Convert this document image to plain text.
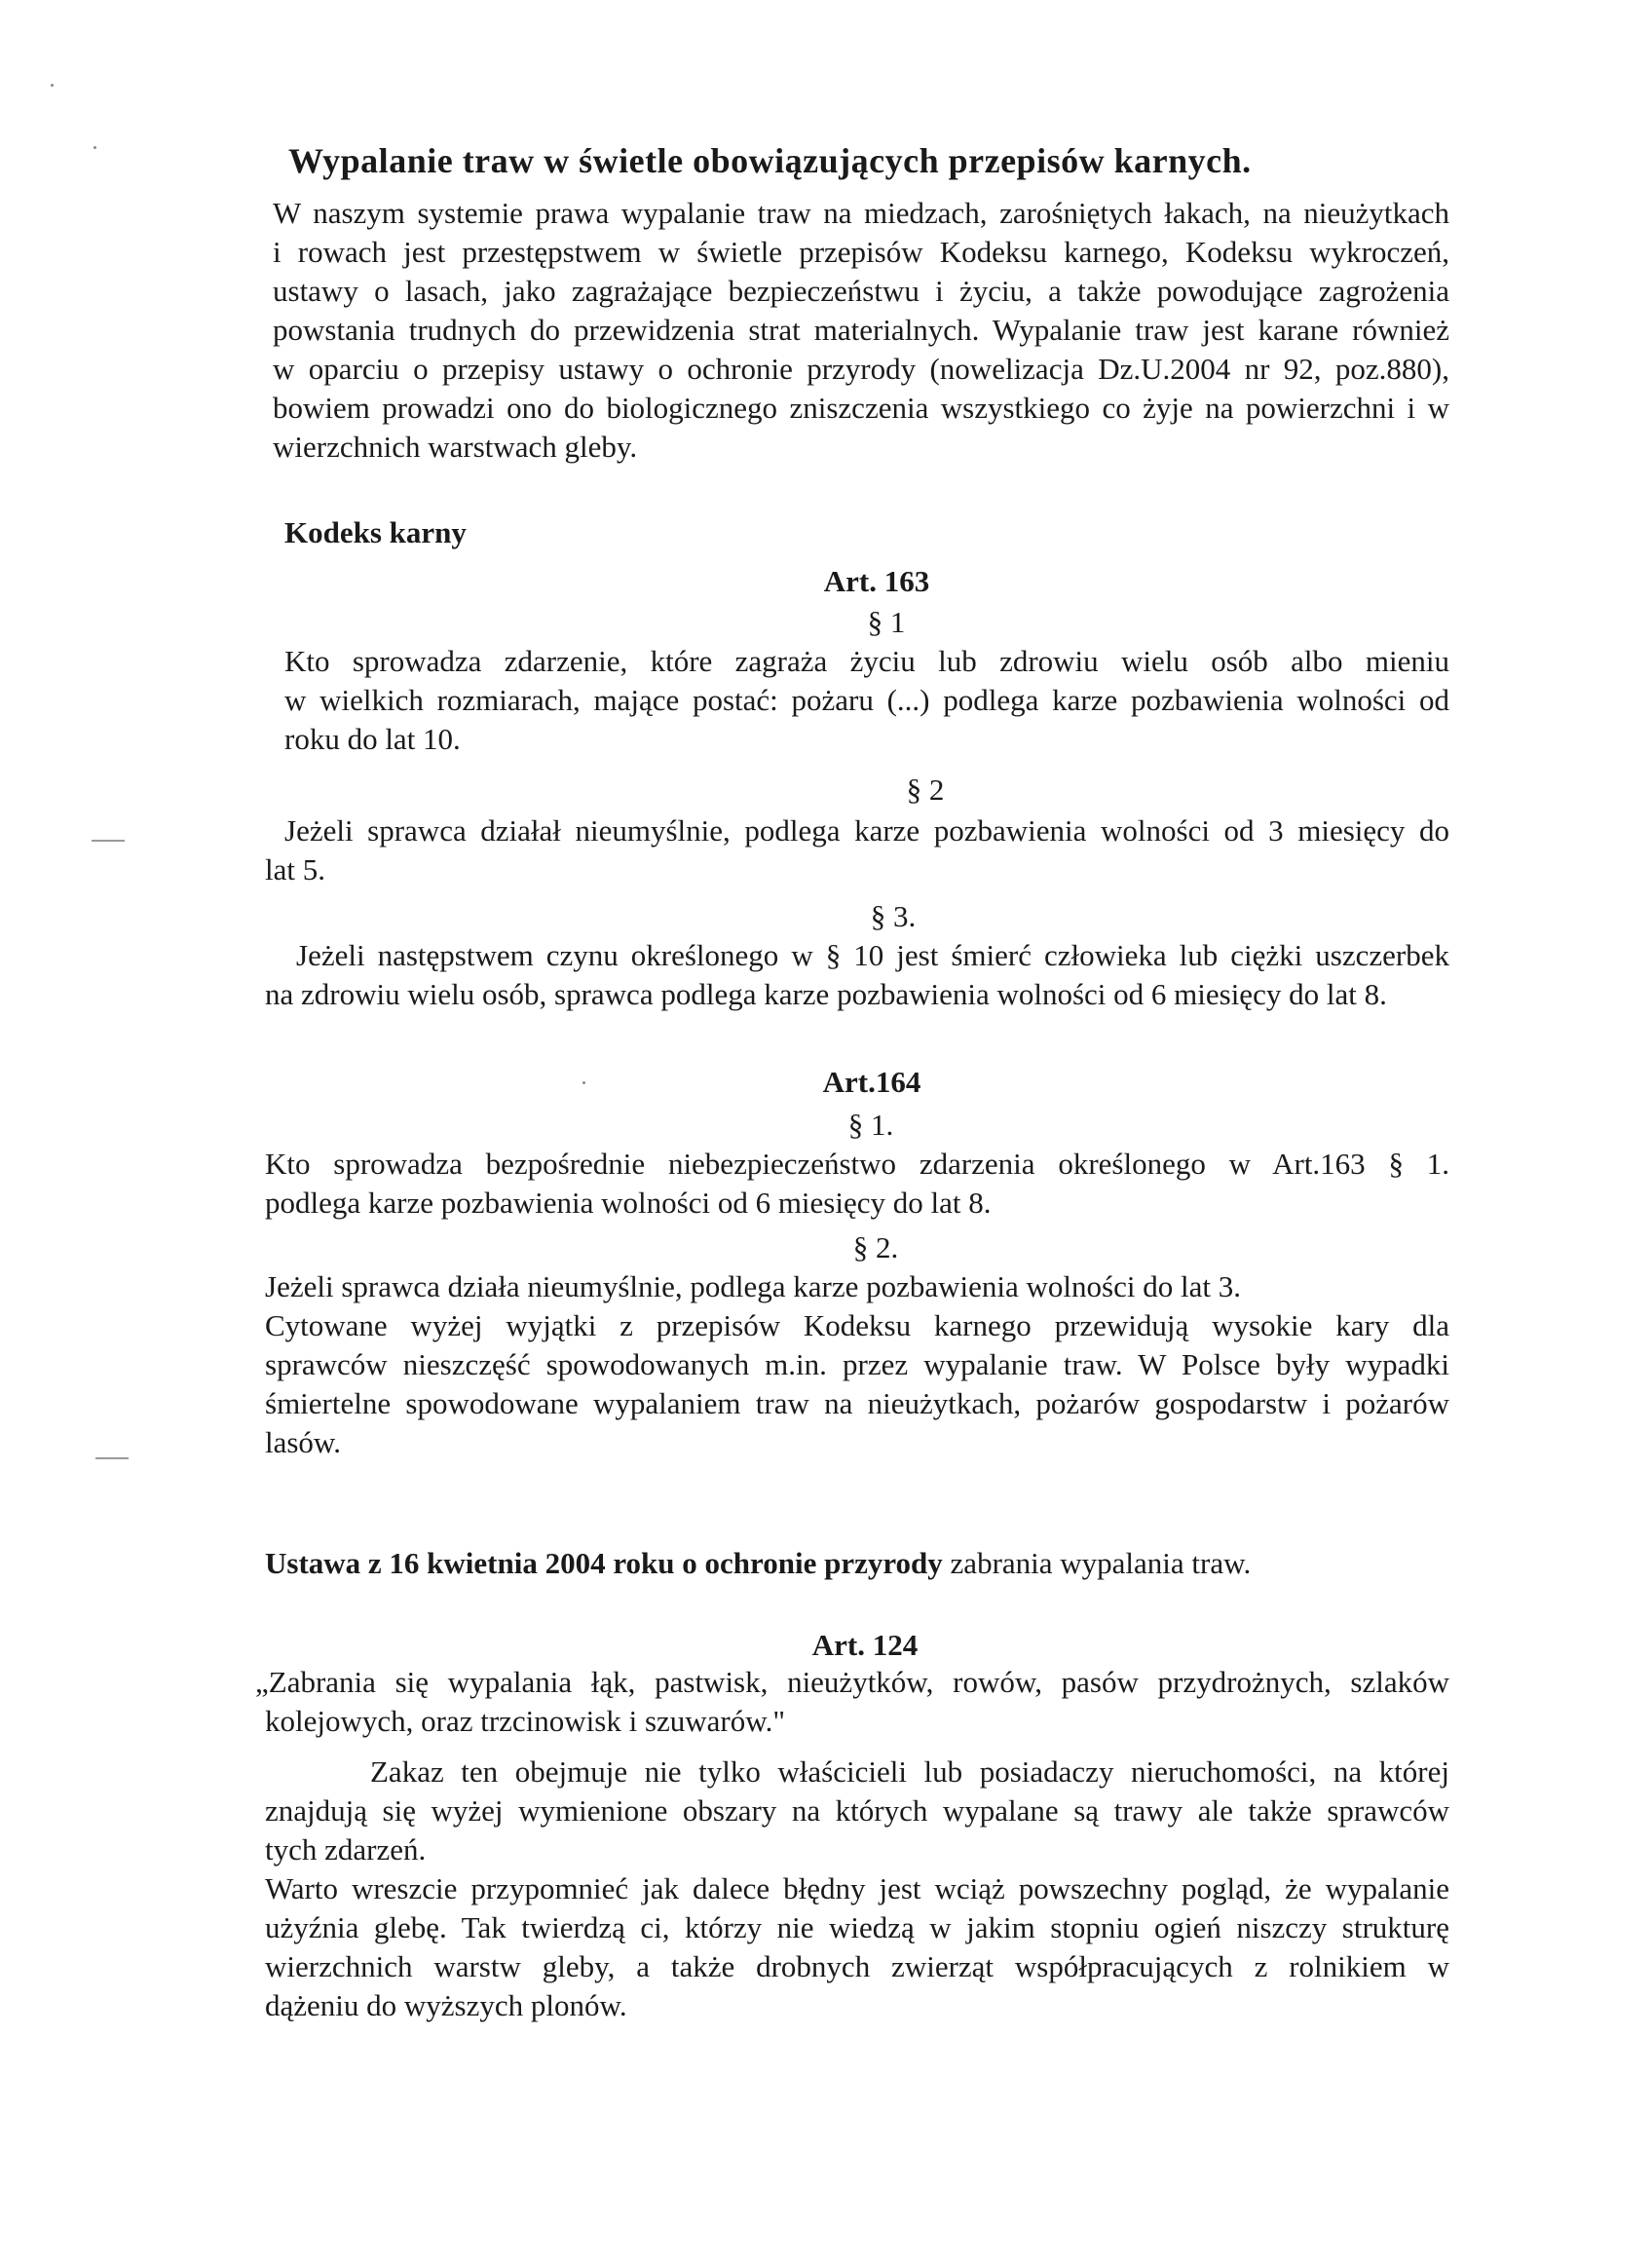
Wypalanie traw w świetle obowiązujących przepisów karnych.
W naszym systemie prawa wypalanie traw na miedzach, zarośniętych łakach, na nieużytkach
i rowach jest przestępstwem w świetle przepisów Kodeksu karnego, Kodeksu wykroczeń,
ustawy o lasach, jako zagrażające bezpieczeństwu i życiu, a także powodujące zagrożenia
powstania trudnych do przewidzenia strat materialnych. Wypalanie traw jest karane również
w oparciu o przepisy ustawy o ochronie przyrody (nowelizacja Dz.U.2004 nr 92, poz.880),
bowiem prowadzi ono do biologicznego zniszczenia wszystkiego co żyje na powierzchni i w
wierzchnich warstwach gleby.
Kodeks karny
Art. 163
§ 1
Kto sprowadza zdarzenie, które zagraża życiu lub zdrowiu wielu osób albo mieniu
w wielkich rozmiarach, mające postać: pożaru (...) podlega karze pozbawienia wolności od
roku do lat 10.
§ 2
Jeżeli sprawca działał nieumyślnie, podlega karze pozbawienia wolności od 3 miesięcy do
lat 5.
§ 3.
Jeżeli następstwem czynu określonego w § 10 jest śmierć człowieka lub ciężki uszczerbek
na zdrowiu wielu osób, sprawca podlega karze pozbawienia wolności od 6 miesięcy do lat 8.
Art.164
§ 1.
Kto sprowadza bezpośrednie niebezpieczeństwo zdarzenia określonego w Art.163 § 1.
podlega karze pozbawienia wolności od 6 miesięcy do lat 8.
§ 2.
Jeżeli sprawca działa nieumyślnie, podlega karze pozbawienia wolności do lat 3.
Cytowane wyżej wyjątki z przepisów Kodeksu karnego przewidują wysokie kary dla
sprawców nieszczęść spowodowanych m.in. przez wypalanie traw. W Polsce były wypadki
śmiertelne spowodowane wypalaniem traw na nieużytkach, pożarów gospodarstw i pożarów
lasów.
Ustawa z 16 kwietnia 2004 roku o ochronie przyrody zabrania wypalania traw.
Art. 124
„Zabrania się wypalania łąk, pastwisk, nieużytków, rowów, pasów przydrożnych, szlaków
kolejowych, oraz trzcinowisk i szuwarów."
Zakaz ten obejmuje nie tylko właścicieli lub posiadaczy nieruchomości, na której
znajdują się wyżej wymienione obszary na których wypalane są trawy ale także sprawców
tych zdarzeń.
Warto wreszcie przypomnieć jak dalece błędny jest wciąż powszechny pogląd, że wypalanie
użyźnia glebę. Tak twierdzą ci, którzy nie wiedzą w jakim stopniu ogień niszczy strukturę
wierzchnich warstw gleby, a także drobnych zwierząt współpracujących z rolnikiem w
dążeniu do wyższych plonów.
